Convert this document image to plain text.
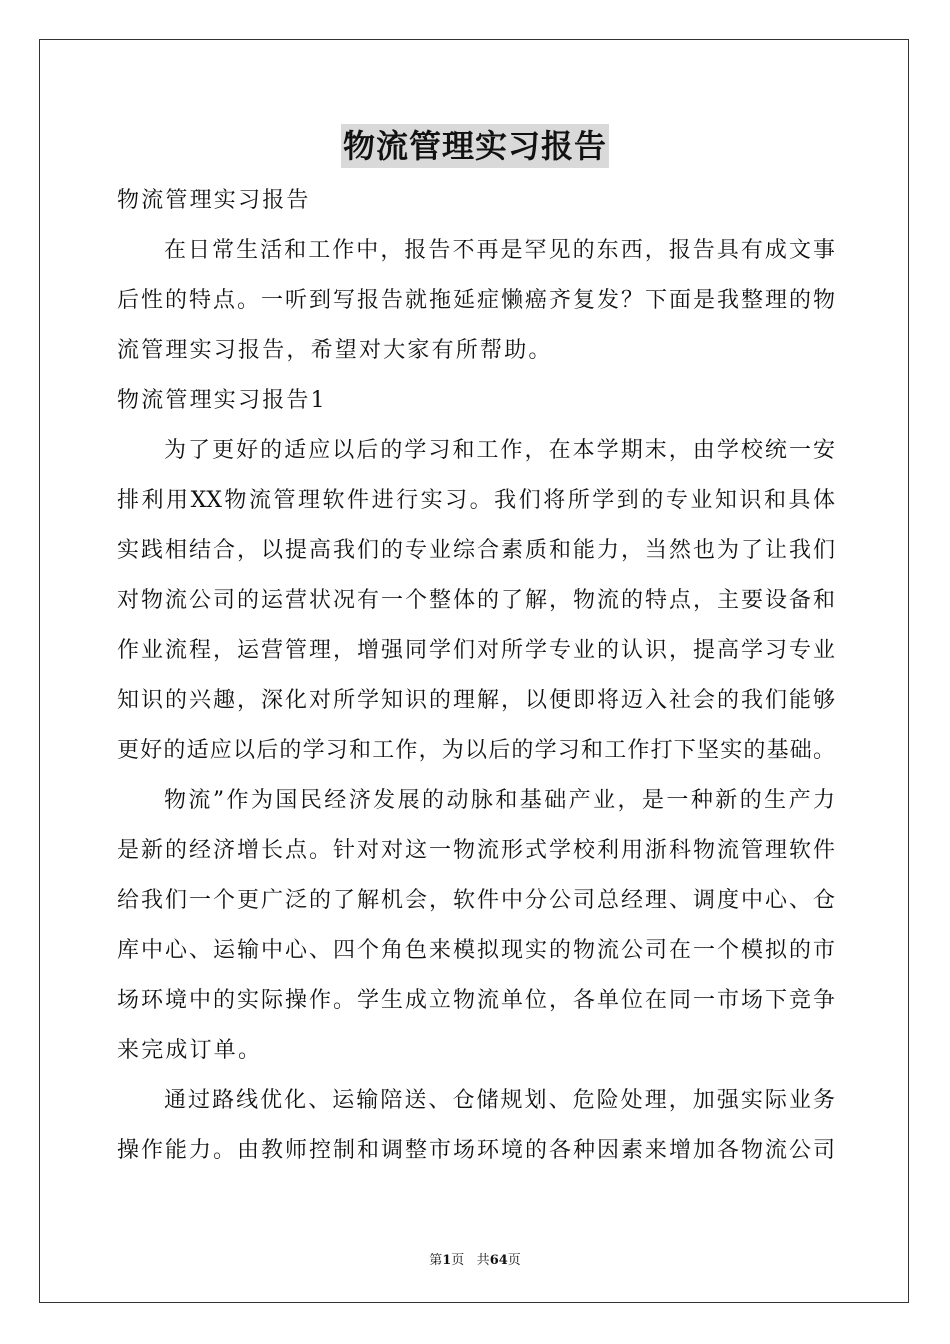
物流管理实习报告
物流管理实习报告
在日常生活和工作中，报告不再是罕见的东西，报告具有成文事
后性的特点。一听到写报告就拖延症懒癌齐复发？下面是我整理的物
流管理实习报告，希望对大家有所帮助。
物流管理实习报告1
为了更好的适应以后的学习和工作，在本学期末，由学校统一安
排利用XX物流管理软件进行实习。我们将所学到的专业知识和具体
实践相结合，以提高我们的专业综合素质和能力，当然也为了让我们
对物流公司的运营状况有一个整体的了解，物流的特点，主要设备和
作业流程，运营管理，增强同学们对所学专业的认识，提高学习专业
知识的兴趣，深化对所学知识的理解，以便即将迈入社会的我们能够
更好的适应以后的学习和工作，为以后的学习和工作打下坚实的基础。
物流”作为国民经济发展的动脉和基础产业，是一种新的生产力
是新的经济增长点。针对对这一物流形式学校利用浙科物流管理软件
给我们一个更广泛的了解机会，软件中分公司总经理、调度中心、仓
库中心、运输中心、四个角色来模拟现实的物流公司在一个模拟的市
场环境中的实际操作。学生成立物流单位，各单位在同一市场下竞争
来完成订单。
通过路线优化、运输陪送、仓储规划、危险处理，加强实际业务
操作能力。由教师控制和调整市场环境的各种因素来增加各物流公司
第1页 共64页
